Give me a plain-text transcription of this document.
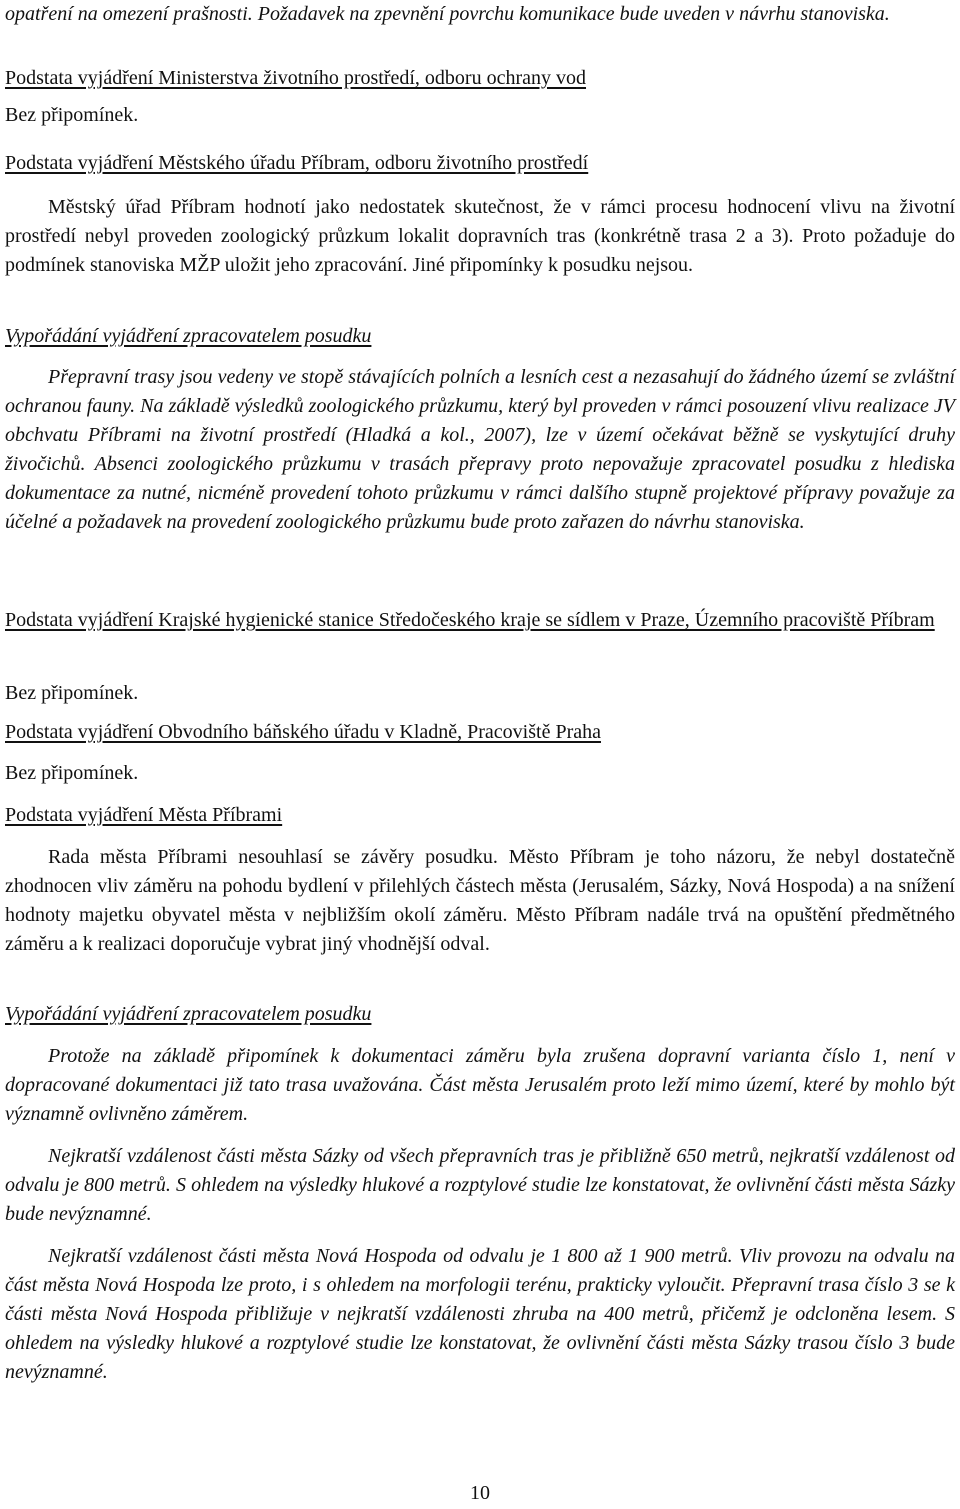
opatření na omezení prašnosti. Požadavek na zpevnění povrchu komunikace bude uveden v návrhu stanoviska.

Podstata vyjádření Ministerstva životního prostředí, odboru ochrany vod

Bez připomínek.

Podstata vyjádření Městského úřadu Příbram, odboru životního prostředí

Městský úřad Příbram hodnotí jako nedostatek skutečnost, že v rámci procesu hodnocení vlivu na životní prostředí nebyl proveden zoologický průzkum lokalit dopravních tras (konkrétně trasa 2 a 3). Proto požaduje do podmínek stanoviska MŽP uložit jeho zpracování. Jiné připomínky k posudku nejsou.

Vypořádání vyjádření zpracovatelem posudku

Přepravní trasy jsou vedeny ve stopě stávajících polních a lesních cest a nezasahují do žádného území se zvláštní ochranou fauny. Na základě výsledků zoologického průzkumu, který byl proveden v rámci posouzení vlivu realizace JV obchvatu Příbrami na životní prostředí (Hladká a kol., 2007), lze v území očekávat běžně se vyskytující druhy živočichů. Absenci zoologického průzkumu v trasách přepravy proto nepovažuje zpracovatel posudku z hlediska dokumentace za nutné, nicméně provedení tohoto průzkumu v rámci dalšího stupně projektové přípravy považuje za účelné a požadavek na provedení zoologického průzkumu bude proto zařazen do návrhu stanoviska.

Podstata vyjádření Krajské hygienické stanice Středočeského kraje se sídlem v Praze, Územního pracoviště Příbram

Bez připomínek.

Podstata vyjádření Obvodního báňského úřadu v Kladně, Pracoviště Praha

Bez připomínek.

Podstata vyjádření Města Příbrami

Rada města Příbrami nesouhlasí se závěry posudku. Město Příbram je toho názoru, že nebyl dostatečně zhodnocen vliv záměru na pohodu bydlení v přilehlých částech města (Jerusalém, Sázky, Nová Hospoda) a na snížení hodnoty majetku obyvatel města v nejbližším okolí záměru. Město Příbram nadále trvá na opuštění předmětného záměru a k realizaci doporučuje vybrat jiný vhodnější odval.

Vypořádání vyjádření zpracovatelem posudku

Protože na základě připomínek k dokumentaci záměru byla zrušena dopravní varianta číslo 1, není v dopracované dokumentaci již tato trasa uvažována. Část města Jerusalém proto leží mimo území, které by mohlo být významně ovlivněno záměrem.

Nejkratší vzdálenost části města Sázky od všech přepravních tras je přibližně 650 metrů, nejkratší vzdálenost od odvalu je 800 metrů. S ohledem na výsledky hlukové a rozptylové studie lze konstatovat, že ovlivnění části města Sázky bude nevýznamné.

Nejkratší vzdálenost části města Nová Hospoda od odvalu je 1 800 až 1 900 metrů. Vliv provozu na odvalu na část města Nová Hospoda lze proto, i s ohledem na morfologii terénu, prakticky vyloučit. Přepravní trasa číslo 3 se k části města Nová Hospoda přibližuje v nejkratší vzdálenosti zhruba na 400 metrů, přičemž je odcloněna lesem. S ohledem na výsledky hlukové a rozptylové studie lze konstatovat, že ovlivnění části města Sázky trasou číslo 3 bude nevýznamné.

10
